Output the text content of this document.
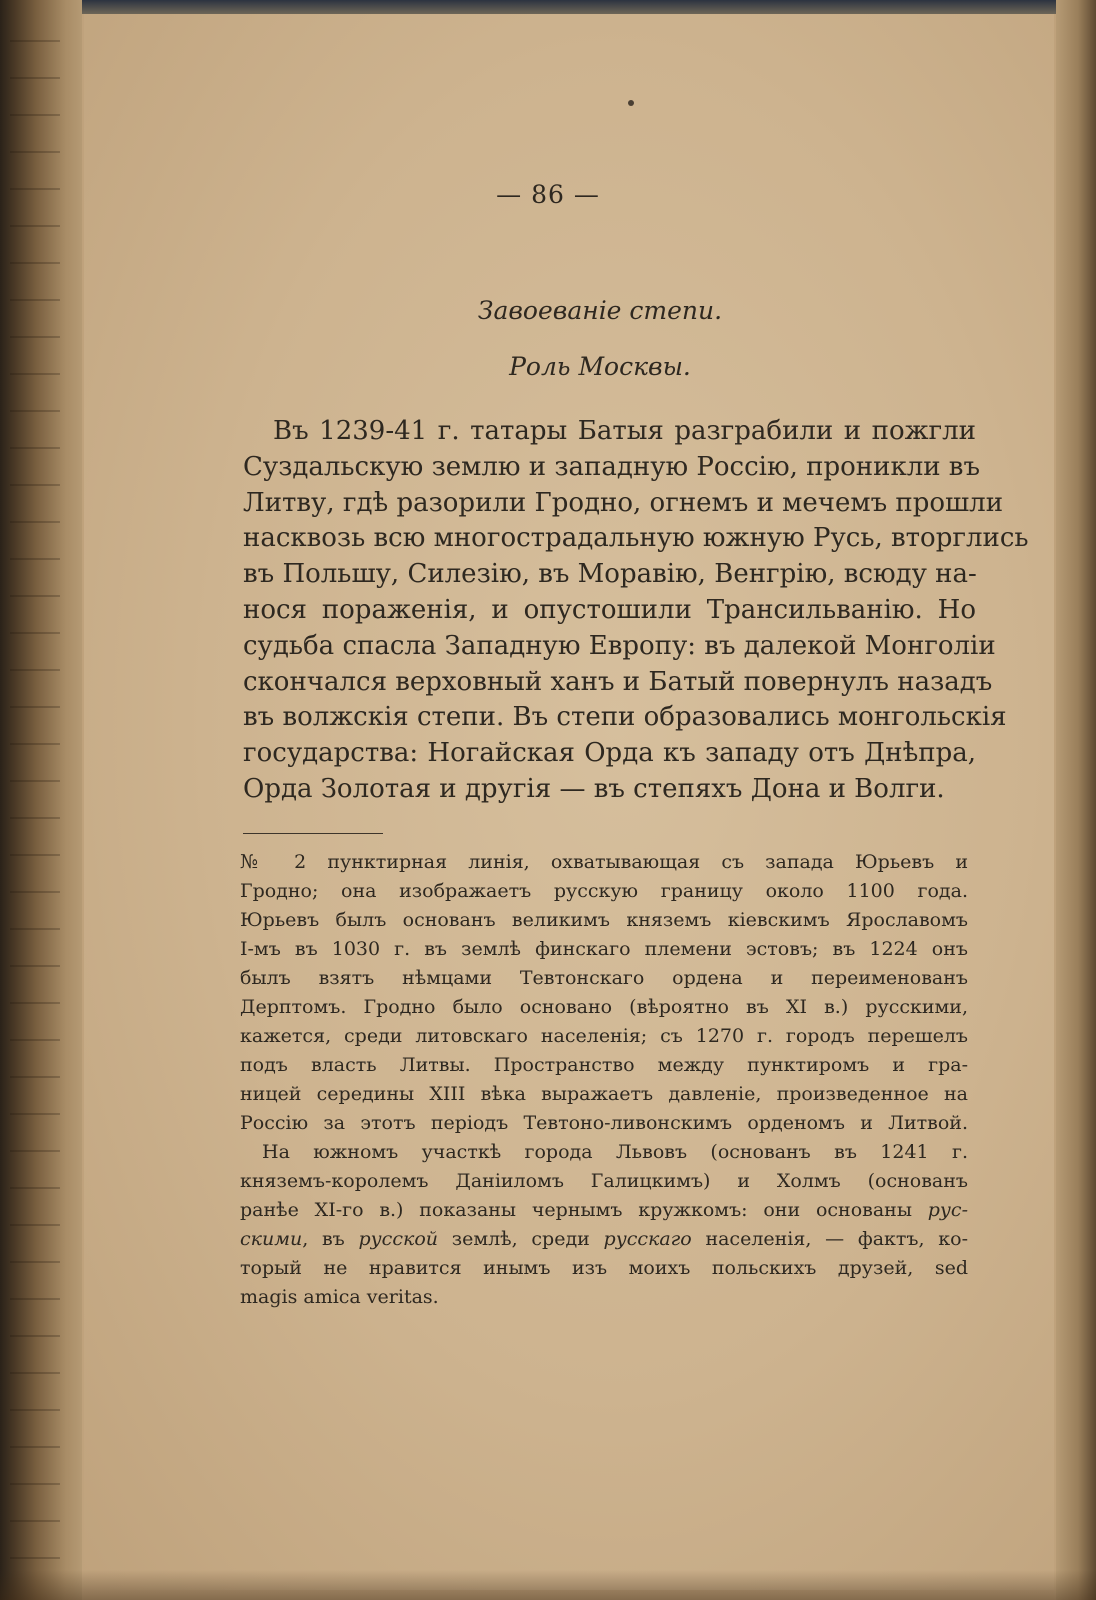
— 86 —
Завоеваніе степи.
Роль Москвы.
Въ 1239-41 г. татары Батыя разграбили и пожгли
Суздальскую землю и западную Россію, проникли въ
Литву, гдѣ разорили Гродно, огнемъ и мечемъ прошли
насквозь всю многострадальную южную Русь, вторглись
въ Польшу, Силезію, въ Моравію, Венгрію, всюду на-
нося пораженія, и опустошили Трансильванію. Но
судьба спасла Западную Европу: въ далекой Монголіи
скончался верховный ханъ и Батый повернулъ назадъ
въ волжскія степи. Въ степи образовались монгольскія
государства: Ногайская Орда къ западу отъ Днѣпра,
Орда Золотая и другія — въ степяхъ Дона и Волги.
№ 2 пунктирная линія, охватывающая съ запада Юрьевъ и
Гродно; она изображаетъ русскую границу около 1100 года.
Юрьевъ былъ основанъ великимъ княземъ кіевскимъ Ярославомъ
I-мъ въ 1030 г. въ землѣ финскаго племени эстовъ; въ 1224 онъ
былъ взятъ нѣмцами Тевтонскаго ордена и переименованъ
Дерптомъ. Гродно было основано (вѣроятно въ XI в.) русскими,
кажется, среди литовскаго населенія; съ 1270 г. городъ перешелъ
подъ власть Литвы. Пространство между пунктиромъ и гра-
ницей середины XIII вѣка выражаетъ давленіе, произведенное на
Россію за этотъ періодъ Тевтоно-ливонскимъ орденомъ и Литвой.
На южномъ участкѣ города Львовъ (основанъ въ 1241 г.
княземъ-королемъ Даніиломъ Галицкимъ) и Холмъ (основанъ
ранѣе XI-го в.) показаны чернымъ кружкомъ: они основаны рус-
скими, въ русской землѣ, среди русскаго населенія, — фактъ, ко-
торый не нравится инымъ изъ моихъ польскихъ друзей, sed
magis amica veritas.
